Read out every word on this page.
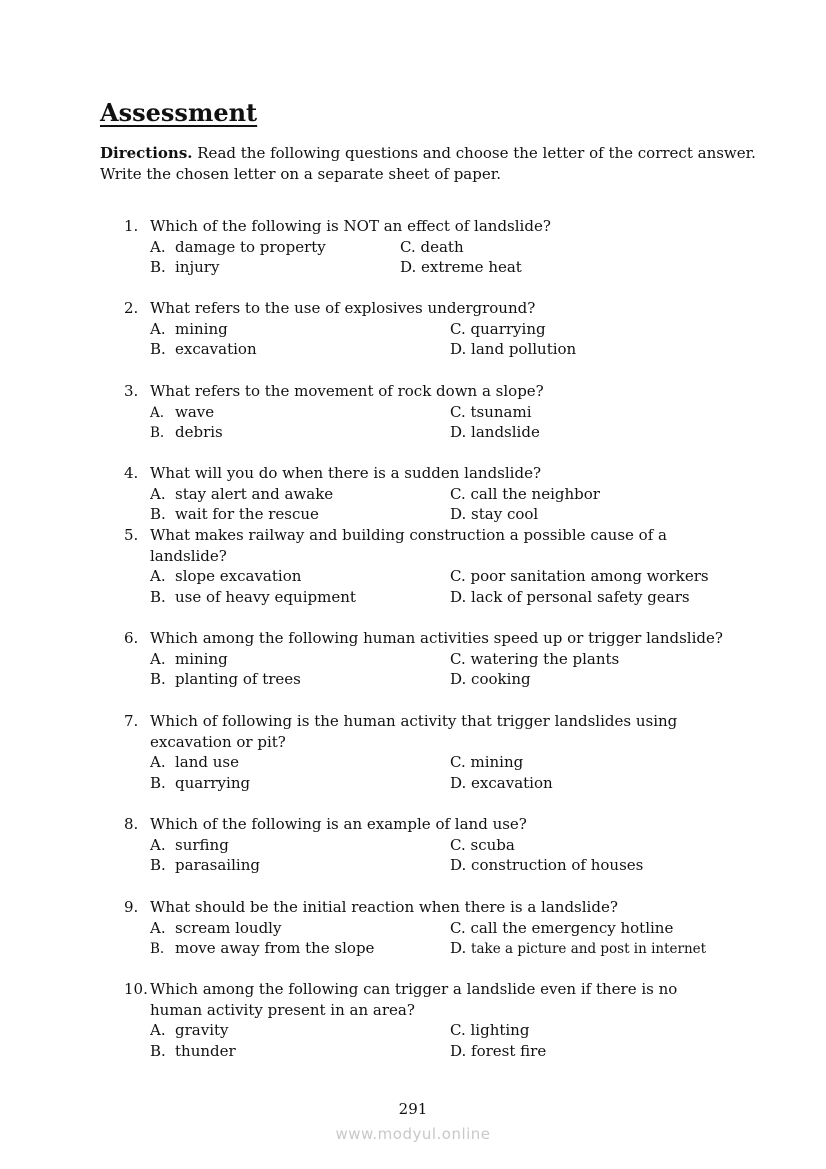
Assessment
Directions. Read the following questions and choose the letter of the correct answer. Write the chosen letter on a separate sheet of paper.
1. Which of the following is NOT an effect of landslide?
A. damage to property	C. death
B. injury	D. extreme heat
2. What refers to the use of explosives underground?
A. mining	C. quarrying
B. excavation	D. land pollution
3. What refers to the movement of rock down a slope?
A. wave	C. tsunami
B. debris	D. landslide
4. What will you do when there is a sudden landslide?
A. stay alert and awake	C. call the neighbor
B. wait for the rescue	D. stay cool
5. What makes railway and building construction a possible cause of a landslide?
A. slope excavation	C. poor sanitation among workers
B. use of heavy equipment	D. lack of personal safety gears
6. Which among the following human activities speed up or trigger landslide?
A. mining	C. watering the plants
B. planting of trees	D. cooking
7. Which of following is the human activity that trigger landslides using excavation or pit?
A. land use	C. mining
B. quarrying	D. excavation
8. Which of the following is an example of land use?
A. surfing	C. scuba
B. parasailing	D. construction of houses
9. What should be the initial reaction when there is a landslide?
A. scream loudly	C. call the emergency hotline
B. move away from the slope	D. take a picture and post in internet
10. Which among the following can trigger a landslide even if there is no human activity present in an area?
A. gravity	C. lighting
B. thunder	D. forest fire
291
www.modyul.online
